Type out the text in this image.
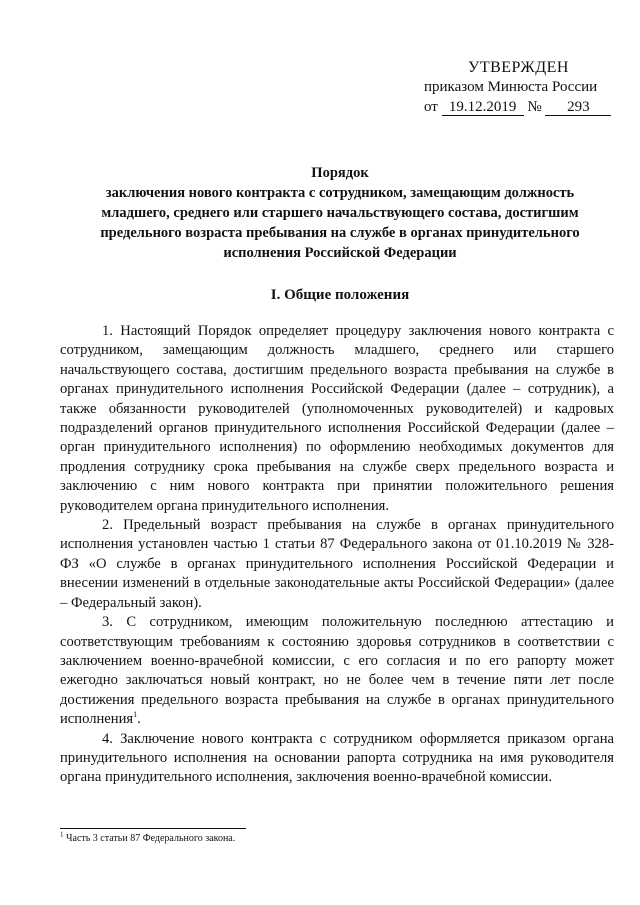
УТВЕРЖДЕН
приказом Минюста России
от 19.12.2019 № 293
Порядок
заключения нового контракта с сотрудником, замещающим должность
младшего, среднего или старшего начальствующего состава, достигшим
предельного возраста пребывания на службе в органах принудительного
исполнения Российской Федерации
I. Общие положения

1. Настоящий Порядок определяет процедуру заключения нового контракта с сотрудником, замещающим должность младшего, среднего или старшего начальствующего состава, достигшим предельного возраста пребывания на службе в органах принудительного исполнения Российской Федерации (далее – сотрудник), а также обязанности руководителей (уполномоченных руководителей) и кадровых подразделений органов принудительного исполнения Российской Федерации (далее – орган принудительного исполнения) по оформлению необходимых документов для продления сотруднику срока пребывания на службе сверх предельного возраста и заключению с ним нового контракта при принятии положительного решения руководителем органа принудительного исполнения.

2. Предельный возраст пребывания на службе в органах принудительного исполнения установлен частью 1 статьи 87 Федерального закона от 01.10.2019 № 328-ФЗ «О службе в органах принудительного исполнения Российской Федерации и внесении изменений в отдельные законодательные акты Российской Федерации» (далее – Федеральный закон).

3. С сотрудником, имеющим положительную последнюю аттестацию и соответствующим требованиям к состоянию здоровья сотрудников в соответствии с заключением военно-врачебной комиссии, с его согласия и по его рапорту может ежегодно заключаться новый контракт, но не более чем в течение пяти лет после достижения предельного возраста пребывания на службе в органах принудительного исполнения$^1$.

4. Заключение нового контракта с сотрудником оформляется приказом органа принудительного исполнения на основании рапорта сотрудника на имя руководителя органа принудительного исполнения, заключения военно-врачебной комиссии.

$^1$ Часть 3 статьи 87 Федерального закона.
